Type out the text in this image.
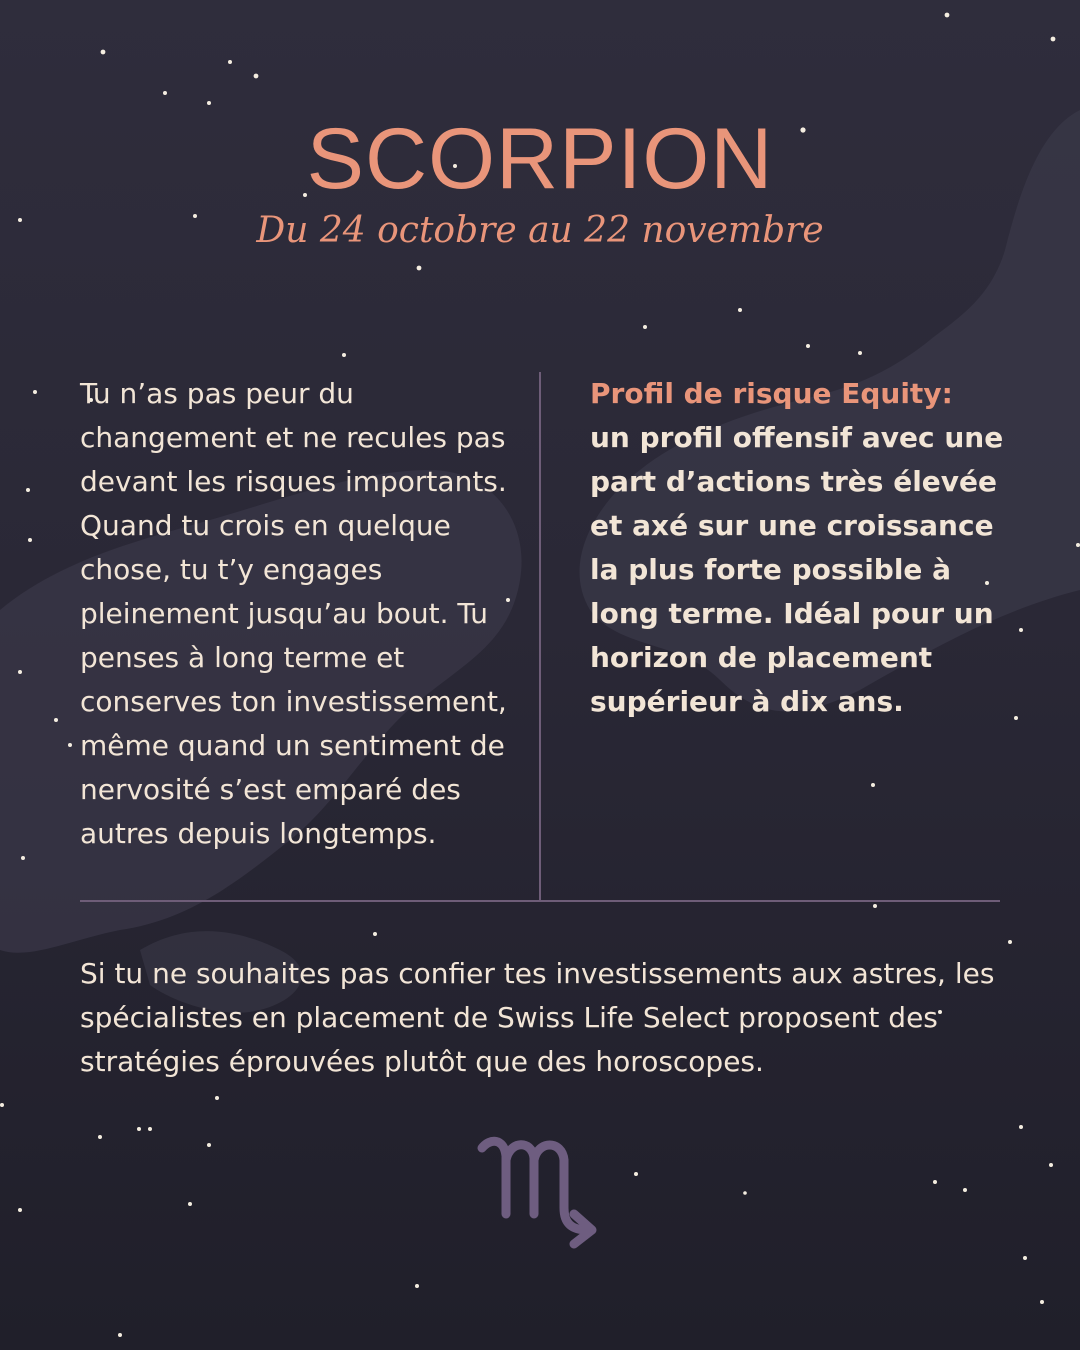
SCORPION
Du 24 octobre au 22 novembre
Tu n’as pas peur du changement et ne recules pas devant les risques importants. Quand tu crois en quelque chose, tu t’y engages pleinement jusqu’au bout. Tu penses à long terme et conserves ton investissement, même quand un sentiment de nervosité s’est emparé des autres depuis longtemps.
Profil de risque Equity:
un profil offensif avec une part d’actions très élevée et axé sur une croissance la plus forte possible à long terme. Idéal pour un horizon de placement supérieur à dix ans.
Si tu ne souhaites pas confier tes investissements aux astres, les spécialistes en placement de Swiss Life Select proposent des stratégies éprouvées plutôt que des horoscopes.
